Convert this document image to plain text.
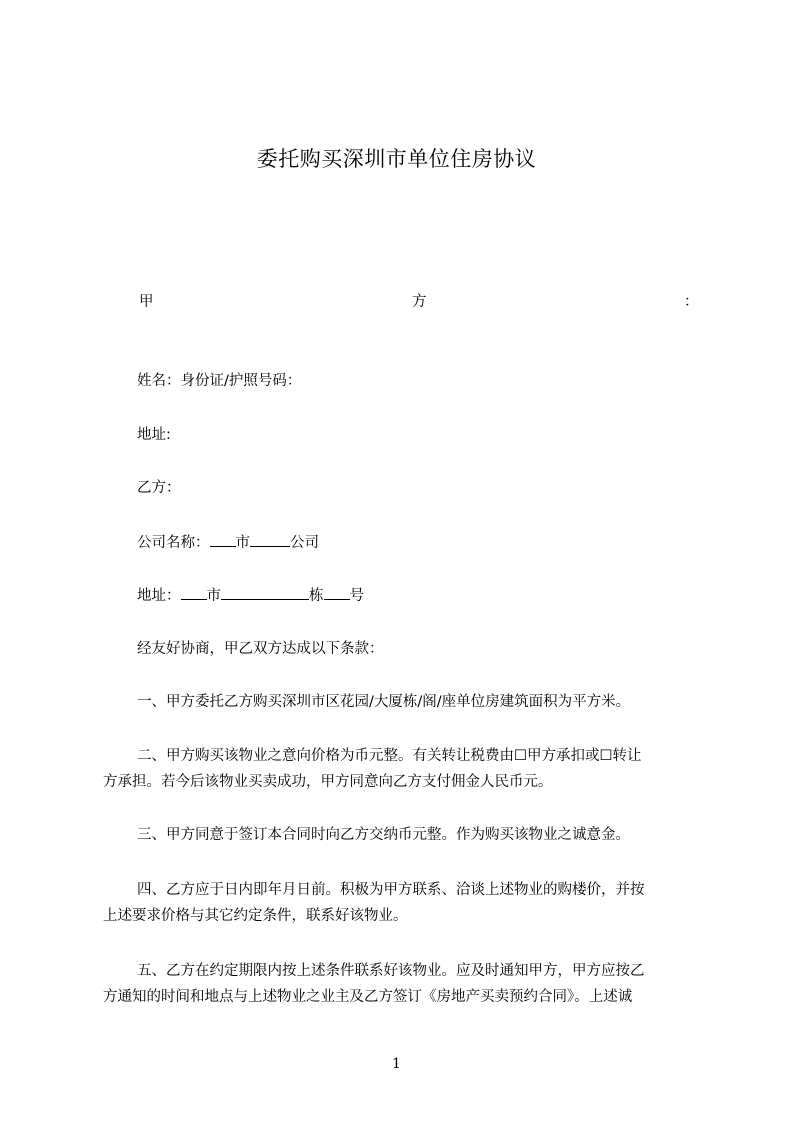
委托购买深圳市单位住房协议
甲	方	：
姓名：身份证/护照号码：
地址:
乙方：
公司名称： 市	公司
地址： 市	栋 号
经友好协商，甲乙双方达成以下条款：
一、甲方委托乙方购买深圳市区花园/大厦栋/阁/座单位房建筑面积为平方米。
二、甲方购买该物业之意向价格为币元整。有关转让税费由☐甲方承扣或☐转让
方承担。若今后该物业买卖成功，甲方同意向乙方支付佣金人民币元。
三、甲方同意于签订本合同时向乙方交纳币元整。作为购买该物业之诚意金。
四、乙方应于日内即年月日前。积极为甲方联系、洽谈上述物业的购楼价，并按
上述要求价格与其它约定条件，联系好该物业。
五、乙方在约定期限内按上述条件联系好该物业。应及时通知甲方，甲方应按乙
方通知的时间和地点与上述物业之业主及乙方签订《房地产买卖预约合同》。上述诚
1
